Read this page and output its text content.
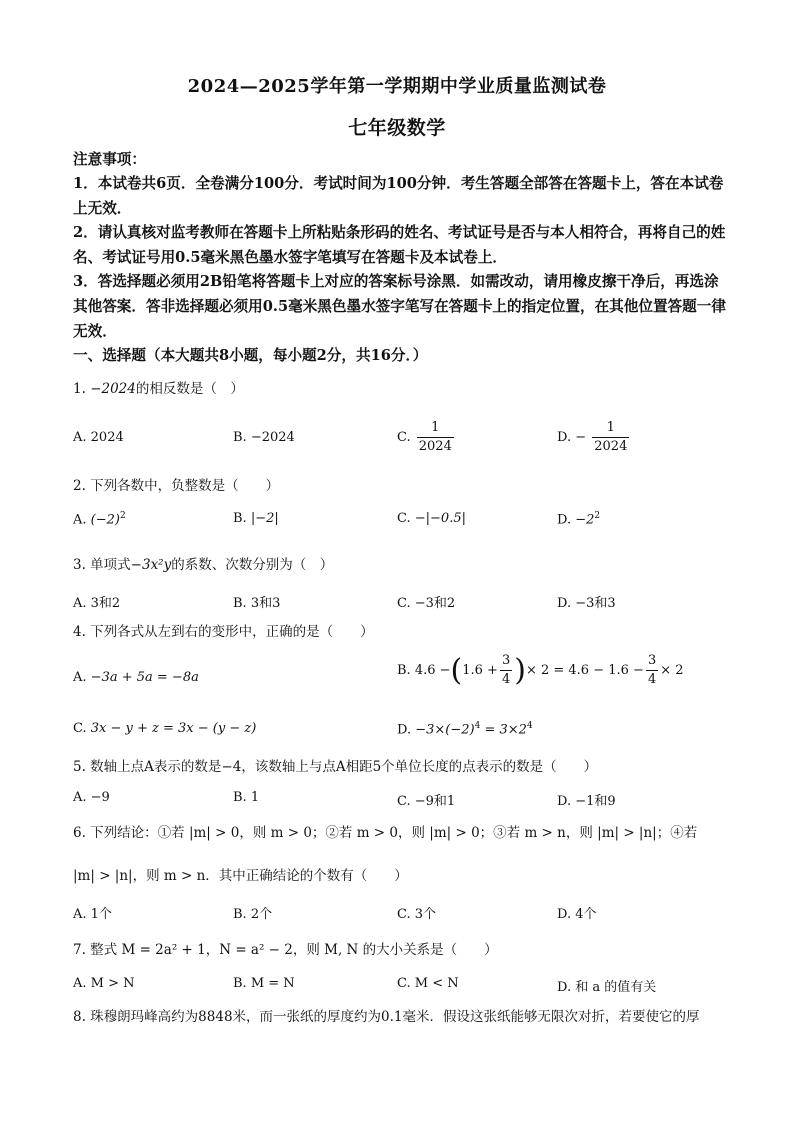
2024—2025学年第一学期期中学业质量监测试卷
七年级数学
注意事项：
1．本试卷共6页．全卷满分100分．考试时间为100分钟．考生答题全部答在答题卡上，答在本试卷上无效．
2．请认真核对监考教师在答题卡上所粘贴条形码的姓名、考试证号是否与本人相符合，再将自己的姓名、考试证号用0.5毫米黑色墨水签字笔填写在答题卡及本试卷上．
3．答选择题必须用2B铅笔将答题卡上对应的答案标号涂黑．如需改动，请用橡皮擦干净后，再选涂其他答案．答非选择题必须用0.5毫米黑色墨水签字笔写在答题卡上的指定位置，在其他位置答题一律无效．
一、选择题（本大题共8小题，每小题2分，共16分．）
1. −2024的相反数是（　）
A. 2024	B. −2024	C. $\frac{1}{2024}$	D. − $\frac{1}{2024}$
2. 下列各数中，负整数是（　　）
A. $(-2)^2$	B. |−2|	C. −|−0.5|	D. $-2^2$
3. 单项式−3x²y的系数、次数分别为（　）
A. 3和2	B. 3和3	C. −3和2	D. −3和3
4. 下列各式从左到右的变形中，正确的是（　　）
A. −3a + 5a = −8a	B. $4.6 -(1.6 + \frac{3}{4}$ )× $2 = 4.6 - 1.6 - \frac{3}{4} \times 2$
C. 3x − y + z = 3x − (y − z)	D. $-3\times(-2)^4 = 3\times 2^4$
5. 数轴上点A表示的数是−4，该数轴上与点A相距5个单位长度的点表示的数是（　　）
A. −9	B. 1	C. −9和1	D. −1和9
6. 下列结论：①若 |m| > 0，则 m > 0；②若 m > 0，则 |m| > 0；③若 m > n，则 |m| > |n|；④若
|m| > |n|，则 m > n．其中正确结论的个数有（　　）
A. 1个	B. 2个	C. 3个	D. 4个
7. 整式 M = 2a² + 1，N = a² − 2，则 M, N 的大小关系是（　　）
A. M > N	B. M = N	C. M < N	D. 和 a 的值有关
8. 珠穆朗玛峰高约为8848米，而一张纸的厚度约为0.1毫米．假设这张纸能够无限次对折，若要使它的厚
